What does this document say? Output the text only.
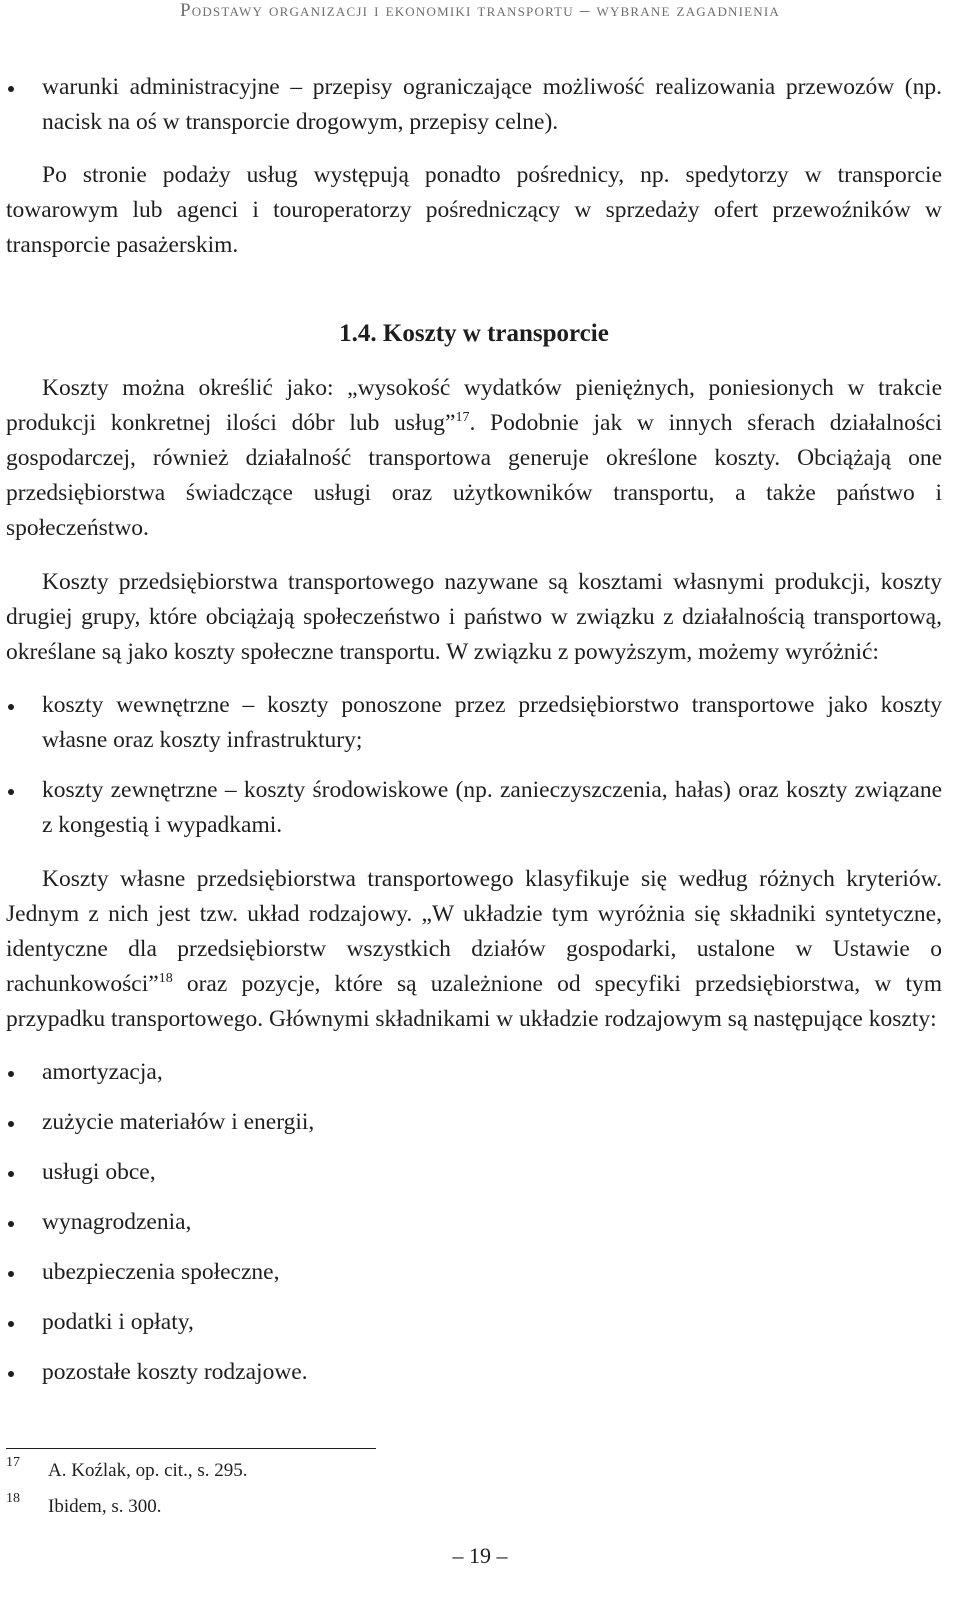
Podstawy organizacji i ekonomiki transportu – wybrane zagadnienia
warunki administracyjne – przepisy ograniczające możliwość realizowania przewozów (np. nacisk na oś w transporcie drogowym, przepisy celne).

Po stronie podaży usług występują ponadto pośrednicy, np. spedytorzy w transporcie towarowym lub agenci i touroperatorzy pośredniczący w sprzedaży ofert przewoźników w transporcie pasażerskim.

1.4. Koszty w transporcie

Koszty można określić jako: „wysokość wydatków pieniężnych, poniesionych w trakcie produkcji konkretnej ilości dóbr lub usług”$^{17}$. Podobnie jak w innych sferach działalności gospodarczej, również działalność transportowa generuje określone koszty. Obciążają one przedsiębiorstwa świadczące usługi oraz użytkowników transportu, a także państwo i społeczeństwo.

Koszty przedsiębiorstwa transportowego nazywane są kosztami własnymi produkcji, koszty drugiej grupy, które obciążają społeczeństwo i państwo w związku z działalnością transportową, określane są jako koszty społeczne transportu. W związku z powyższym, możemy wyróżnić:

koszty wewnętrzne – koszty ponoszone przez przedsiębiorstwo transportowe jako koszty własne oraz koszty infrastruktury;
koszty zewnętrzne – koszty środowiskowe (np. zanieczyszczenia, hałas) oraz koszty związane z kongestią i wypadkami.

Koszty własne przedsiębiorstwa transportowego klasyfikuje się według różnych kryteriów. Jednym z nich jest tzw. układ rodzajowy. „W układzie tym wyróżnia się składniki syntetyczne, identyczne dla przedsiębiorstw wszystkich działów gospodarki, ustalone w Ustawie o rachunkowości”$^{18}$ oraz pozycje, które są uzależnione od specyfiki przedsiębiorstwa, w tym przypadku transportowego. Głównymi składnikami w układzie rodzajowym są następujące koszty:

amortyzacja,
zużycie materiałów i energii,
usługi obce,
wynagrodzenia,
ubezpieczenia społeczne,
podatki i opłaty,
pozostałe koszty rodzajowe.
17 A. Koźlak, op. cit., s. 295.
18 Ibidem, s. 300.
– 19 –
